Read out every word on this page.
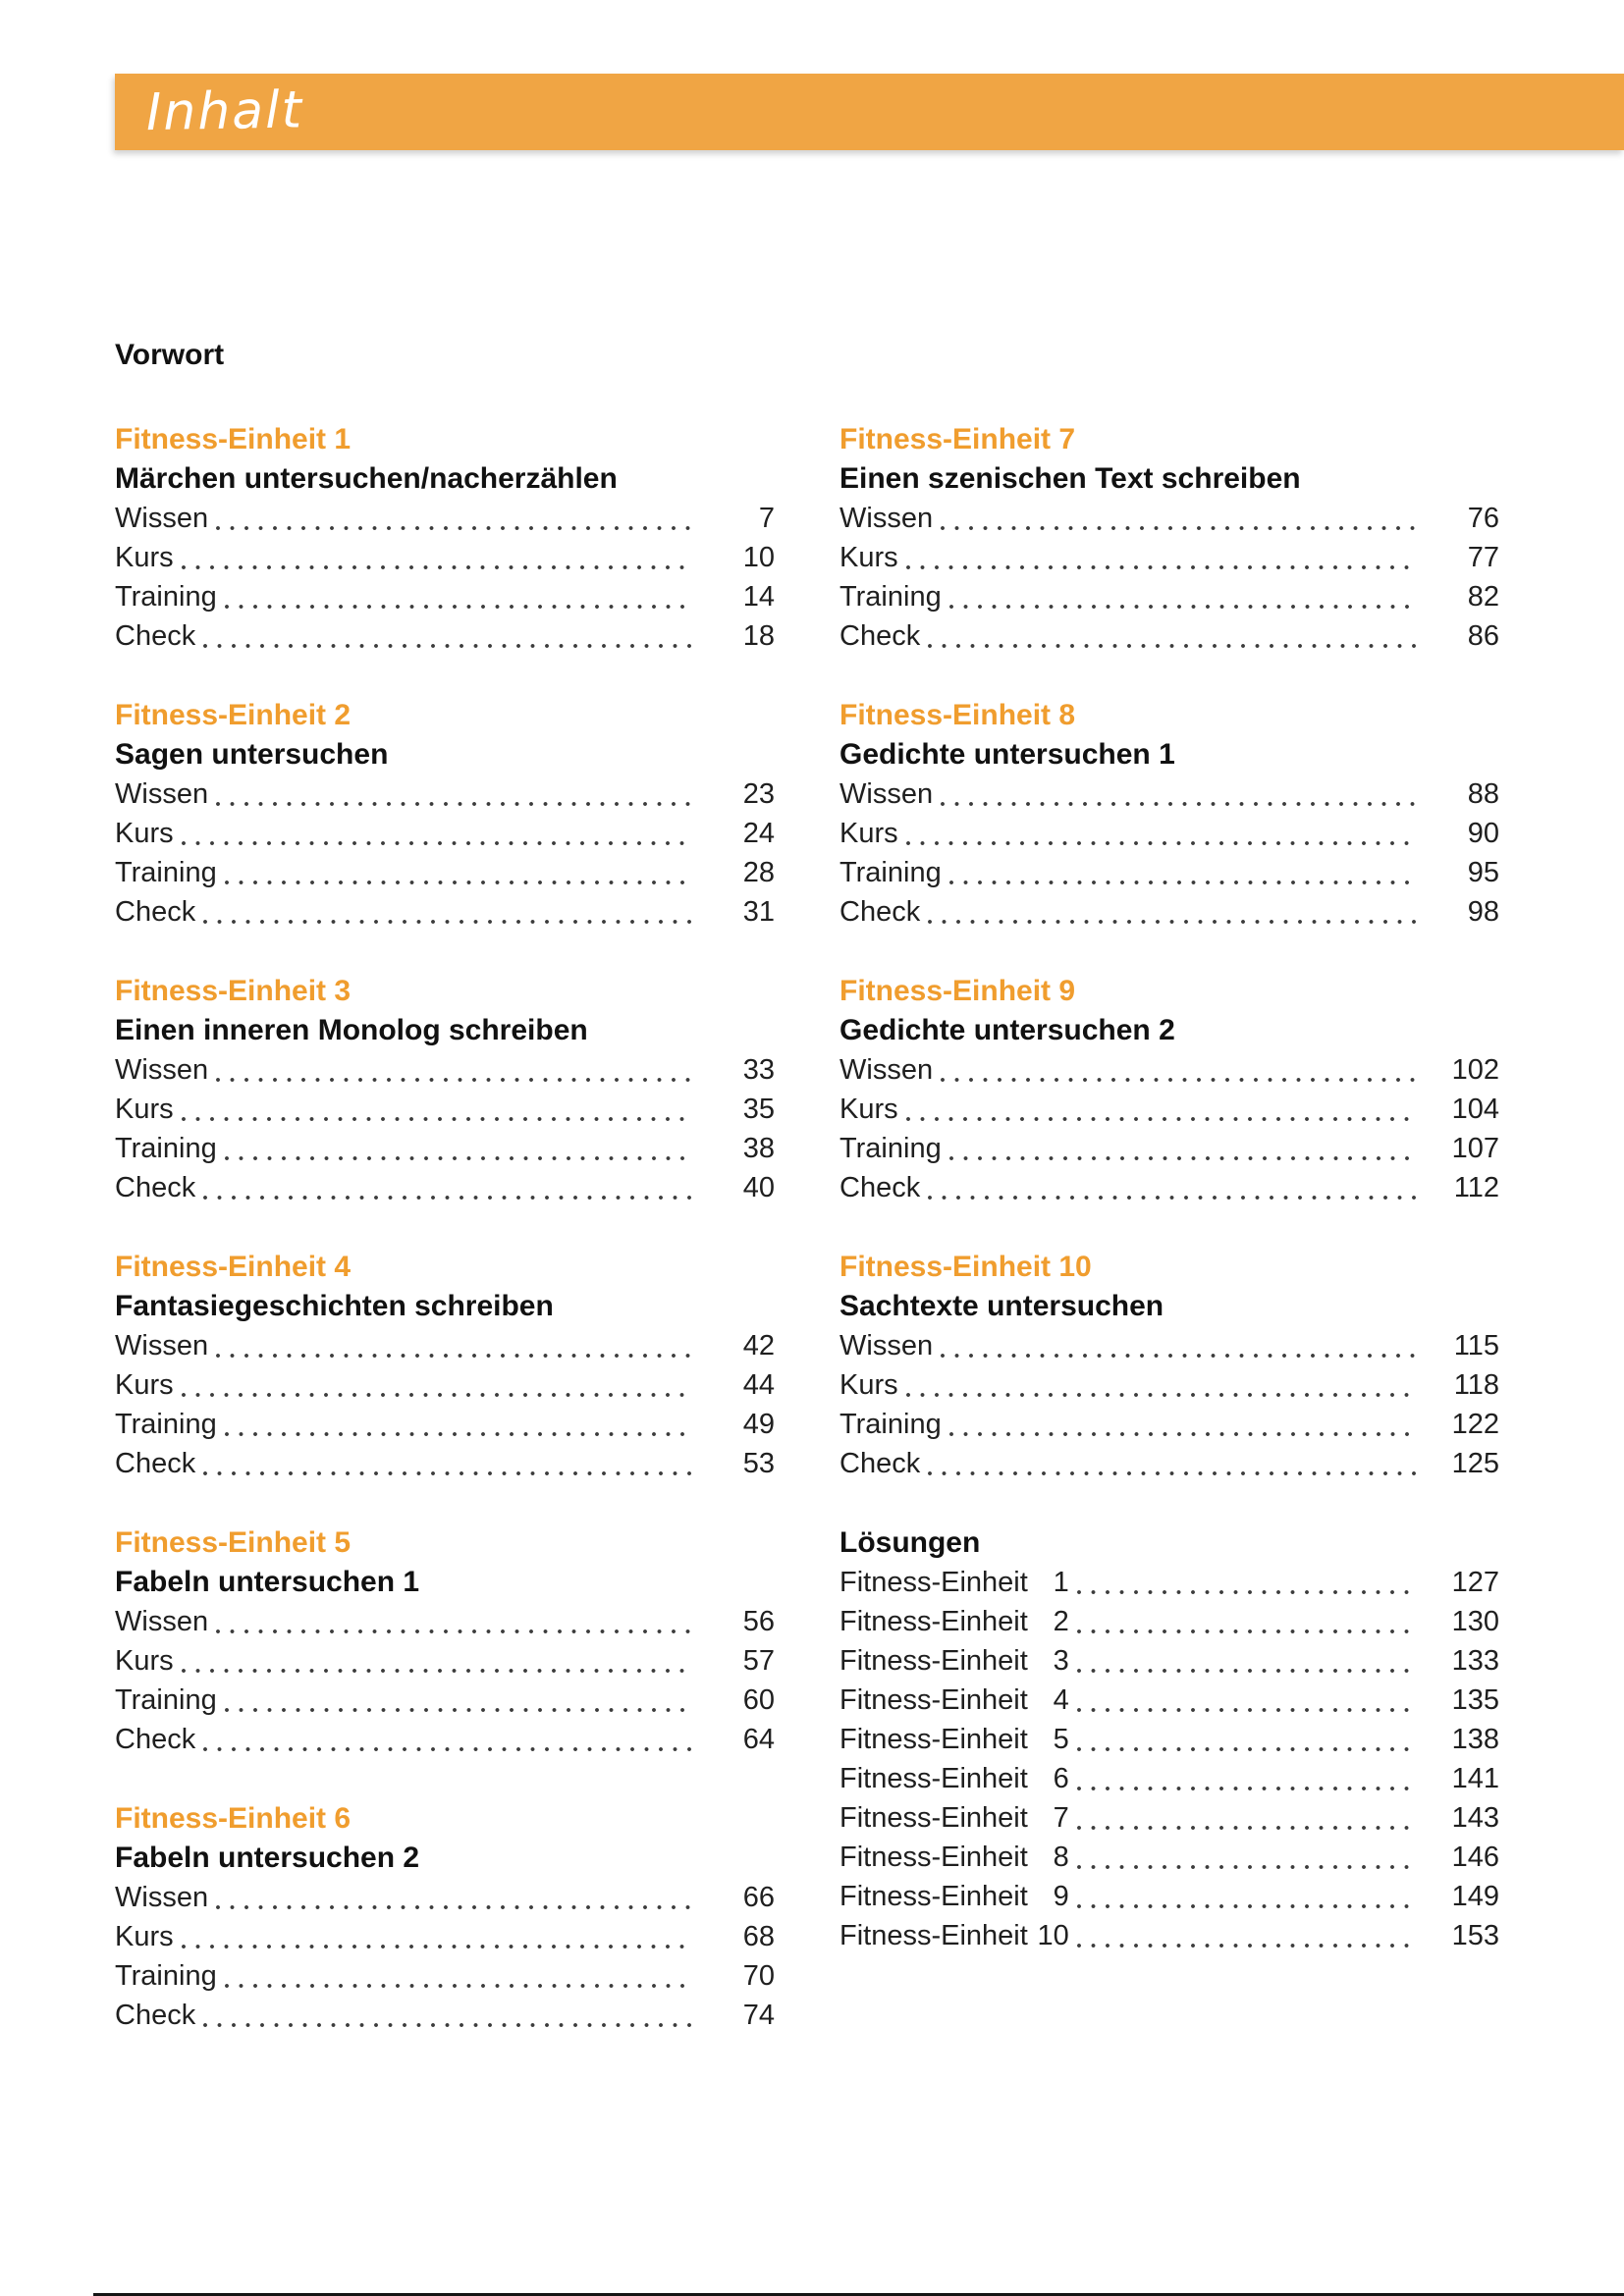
Inhalt
Vorwort
Fitness-Einheit 1
Märchen untersuchen/nacherzählen
Wissen	7
Kurs	10
Training	14
Check	18
Fitness-Einheit 2
Sagen untersuchen
Wissen	23
Kurs	24
Training	28
Check	31
Fitness-Einheit 3
Einen inneren Monolog schreiben
Wissen	33
Kurs	35
Training	38
Check	40
Fitness-Einheit 4
Fantasiegeschichten schreiben
Wissen	42
Kurs	44
Training	49
Check	53
Fitness-Einheit 5
Fabeln untersuchen 1
Wissen	56
Kurs	57
Training	60
Check	64
Fitness-Einheit 6
Fabeln untersuchen 2
Wissen	66
Kurs	68
Training	70
Check	74
Fitness-Einheit 7
Einen szenischen Text schreiben
Wissen	76
Kurs	77
Training	82
Check	86
Fitness-Einheit 8
Gedichte untersuchen 1
Wissen	88
Kurs	90
Training	95
Check	98
Fitness-Einheit 9
Gedichte untersuchen 2
Wissen	102
Kurs	104
Training	107
Check	112
Fitness-Einheit 10
Sachtexte untersuchen
Wissen	115
Kurs	118
Training	122
Check	125
Lösungen
Fitness-Einheit 1	127
Fitness-Einheit 2	130
Fitness-Einheit 3	133
Fitness-Einheit 4	135
Fitness-Einheit 5	138
Fitness-Einheit 6	141
Fitness-Einheit 7	143
Fitness-Einheit 8	146
Fitness-Einheit 9	149
Fitness-Einheit 10	153
